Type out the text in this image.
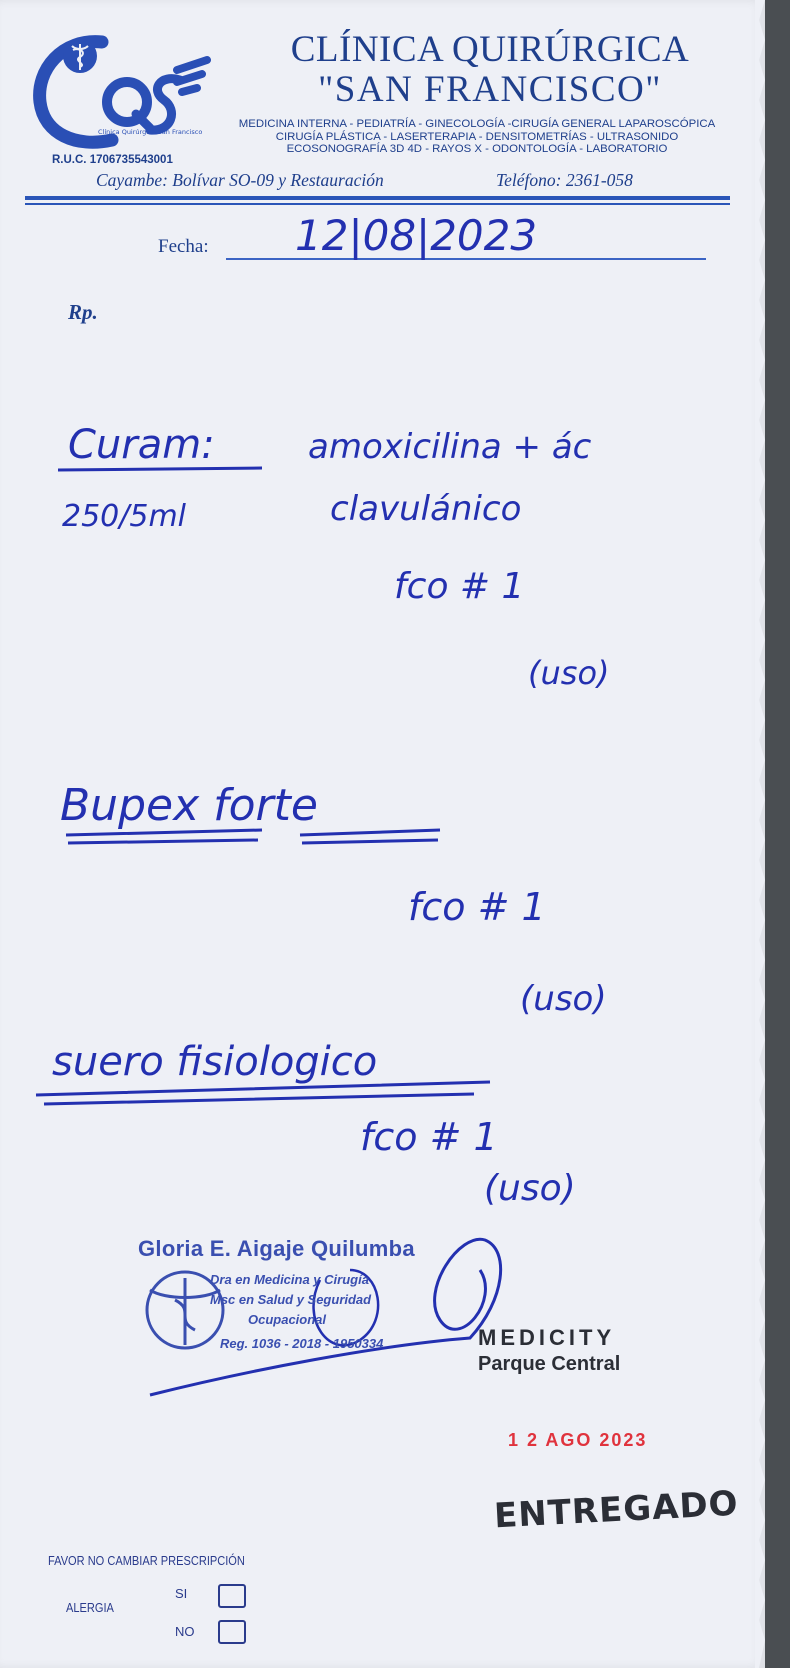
Clínica Quirúrgica San Francisco
CLÍNICA QUIRÚRGICA
"SAN FRANCISCO"
MEDICINA INTERNA - PEDIATRÍA - GINECOLOGÍA -CIRUGÍA GENERAL LAPAROSCÓPICA
CIRUGÍA PLÁSTICA - LASERTERAPIA - DENSITOMETRÍAS - ULTRASONIDO
ECOSONOGRAFÍA 3D 4D - RAYOS X - ODONTOLOGÍA - LABORATORIO
R.U.C. 1706735543001
Cayambe: Bolívar SO-09 y Restauración	Teléfono: 2361-058
Fecha:
Rp.
12|08|2023
Curam:
250/5ml
amoxicilina + ác
clavulánico
fco # 1
(uso)
Bupex forte
fco # 1
suero fisiologico
(uso)
fco # 1
(uso)
Gloria E. Aigaje Quilumba
Dra en Medicina y Cirugía
Msc en Salud y Seguridad
Ocupacional
Reg. 1036 - 2018 - 1950334	MEDICITY
Parque Central
1 2 AGO 2023
ENTREGADO
FAVOR NO CAMBIAR PRESCRIPCIÓN
ALERGIA
SI
NO
